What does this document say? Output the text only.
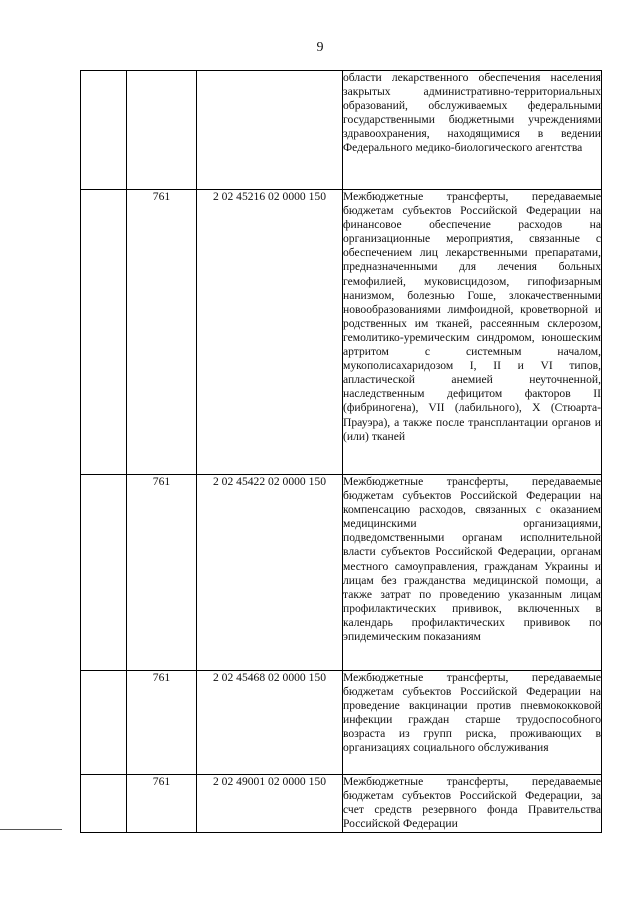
9

			области лекарственного обеспечения населения закрытых административно-территориальных образований, обслуживаемых федеральными государственными бюджетными учреждениями здравоохранения, находящимися в ведении Федерального медико-биологического агентства

	761	2 02 45216 02 0000 150	Межбюджетные трансферты, передаваемые бюджетам субъектов Российской Федерации на финансовое обеспечение расходов на организационные мероприятия, связанные с обеспечением лиц лекарственными препаратами, предназначенными для лечения больных гемофилией, муковисцидозом, гипофизарным нанизмом, болезнью Гоше, злокачественными новообразованиями лимфоидной, кроветворной и родственных им тканей, рассеянным склерозом, гемолитико-уремическим синдромом, юношеским артритом с системным началом, мукополисахаридозом I, II и VI типов, апластической анемией неуточненной, наследственным дефицитом факторов II (фибриногена), VII (лабильного), X (Стюарта-Прауэра), а также после трансплантации органов и (или) тканей

	761	2 02 45422 02 0000 150	Межбюджетные трансферты, передаваемые бюджетам субъектов Российской Федерации на компенсацию расходов, связанных с оказанием медицинскими организациями, подведомственными органам исполнительной власти субъектов Российской Федерации, органам местного самоуправления, гражданам Украины и лицам без гражданства медицинской помощи, а также затрат по проведению указанным лицам профилактических прививок, включенных в календарь профилактических прививок по эпидемическим показаниям

	761	2 02 45468 02 0000 150	Межбюджетные трансферты, передаваемые бюджетам субъектов Российской Федерации на проведение вакцинации против пневмококковой инфекции граждан старше трудоспособного возраста из групп риска, проживающих в организациях социального обслуживания

	761	2 02 49001 02 0000 150	Межбюджетные трансферты, передаваемые бюджетам субъектов Российской Федерации, за счет средств резервного фонда Правительства Российской Федерации
